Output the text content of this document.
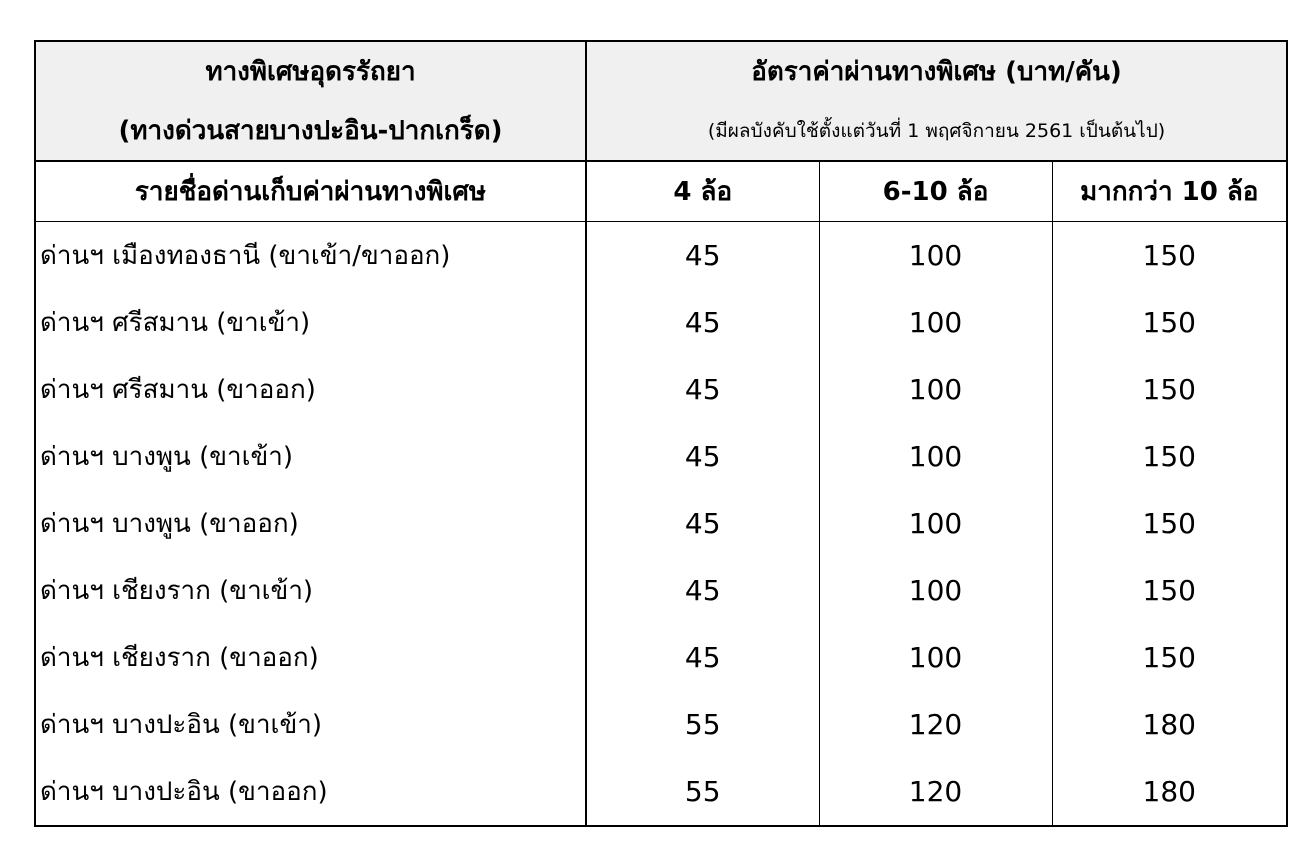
ทางพิเศษอุดรรัถยา	อัตราค่าผ่านทางพิเศษ (บาท/คัน)		
(ทางด่วนสายบางปะอิน-ปากเกร็ด)	(มีผลบังคับใช้ตั้งแต่วันที่ 1 พฤศจิกายน 2561 เป็นต้นไป)		
รายชื่อด่านเก็บค่าผ่านทางพิเศษ	4 ล้อ	6-10 ล้อ	มากกว่า 10 ล้อ
ด่านฯ เมืองทองธานี (ขาเข้า/ขาออก)	45	100	150
ด่านฯ ศรีสมาน (ขาเข้า)	45	100	150
ด่านฯ ศรีสมาน (ขาออก)	45	100	150
ด่านฯ บางพูน (ขาเข้า)	45	100	150
ด่านฯ บางพูน (ขาออก)	45	100	150
ด่านฯ เชียงราก (ขาเข้า)	45	100	150
ด่านฯ เชียงราก (ขาออก)	45	100	150
ด่านฯ บางปะอิน (ขาเข้า)	55	120	180
ด่านฯ บางปะอิน (ขาออก)	55	120	180
